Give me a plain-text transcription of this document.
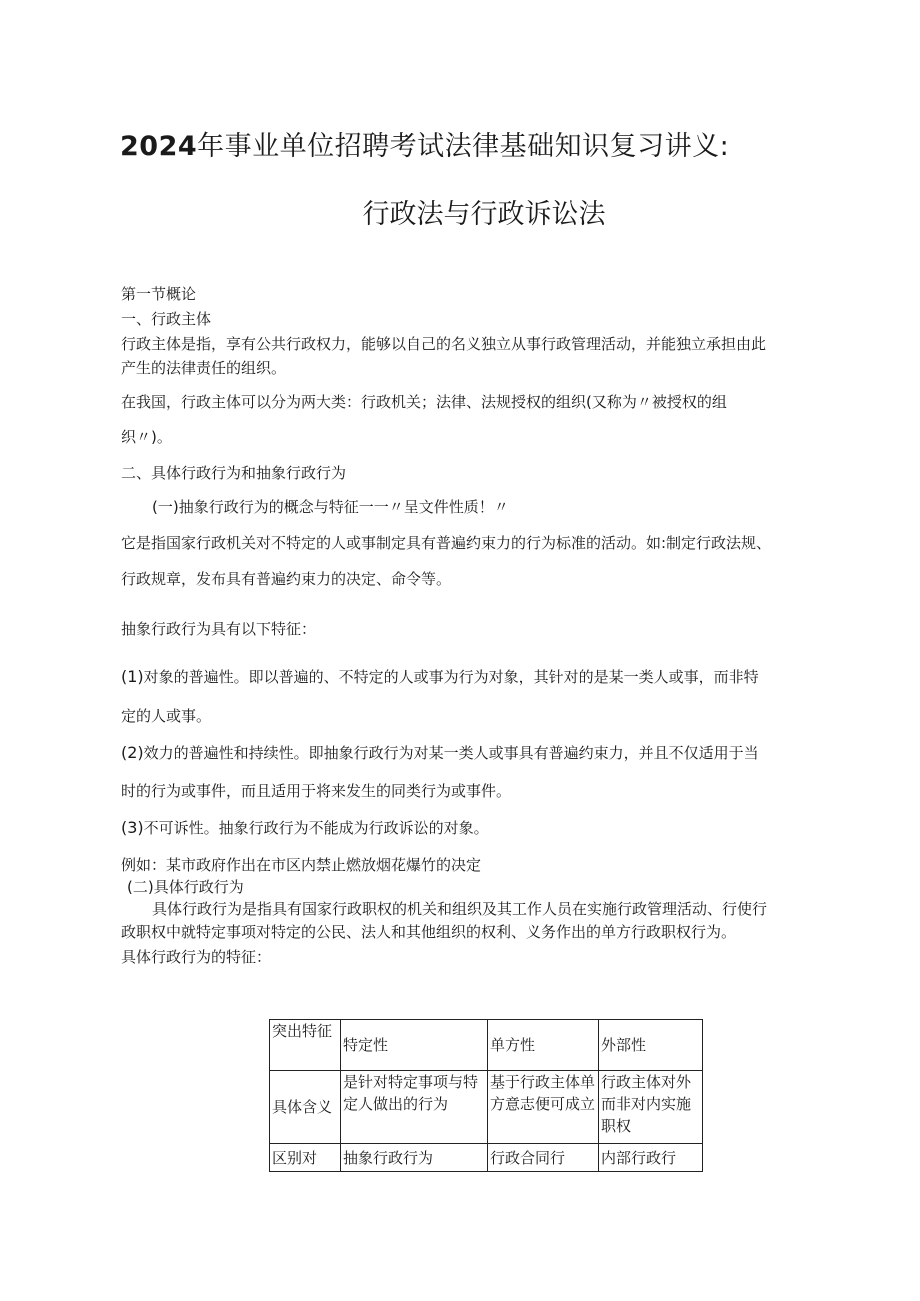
2024年事业单位招聘考试法律基础知识复习讲义:
行政法与行政诉讼法
第一节概论
一、行政主体
行政主体是指，享有公共行政权力，能够以自己的名义独立从事行政管理活动，并能独立承担由此
产生的法律责任的组织。
在我国，行政主体可以分为两大类：行政机关；法律、法规授权的组织(又称为〃被授权的组
织〃)。
二、具体行政行为和抽象行政行为
(一)抽象行政行为的概念与特征一一〃呈文件性质！〃
它是指国家行政机关对不特定的人或事制定具有普遍约束力的行为标准的活动。如:制定行政法规、
行政规章，发布具有普遍约束力的决定、命令等。
抽象行政行为具有以下特征：
(1)对象的普遍性。即以普遍的、不特定的人或事为行为对象，其针对的是某一类人或事，而非特
定的人或事。
(2)效力的普遍性和持续性。即抽象行政行为对某一类人或事具有普遍约束力，并且不仅适用于当
时的行为或事件，而且适用于将来发生的同类行为或事件。
(3)不可诉性。抽象行政行为不能成为行政诉讼的对象。
例如：某市政府作出在市区内禁止燃放烟花爆竹的决定
(二)具体行政行为
具体行政行为是指具有国家行政职权的机关和组织及其工作人员在实施行政管理活动、行使行
政职权中就特定事项对特定的公民、法人和其他组织的权利、义务作出的单方行政职权行为。
具体行政行为的特征：
突出特征	特定性	单方性	外部性
具体含义	是针对特定事项与特定人做出的行为	基于行政主体单方意志便可成立	行政主体对外而非对内实施职权
区别对	抽象行政行为	行政合同行	内部行政行
